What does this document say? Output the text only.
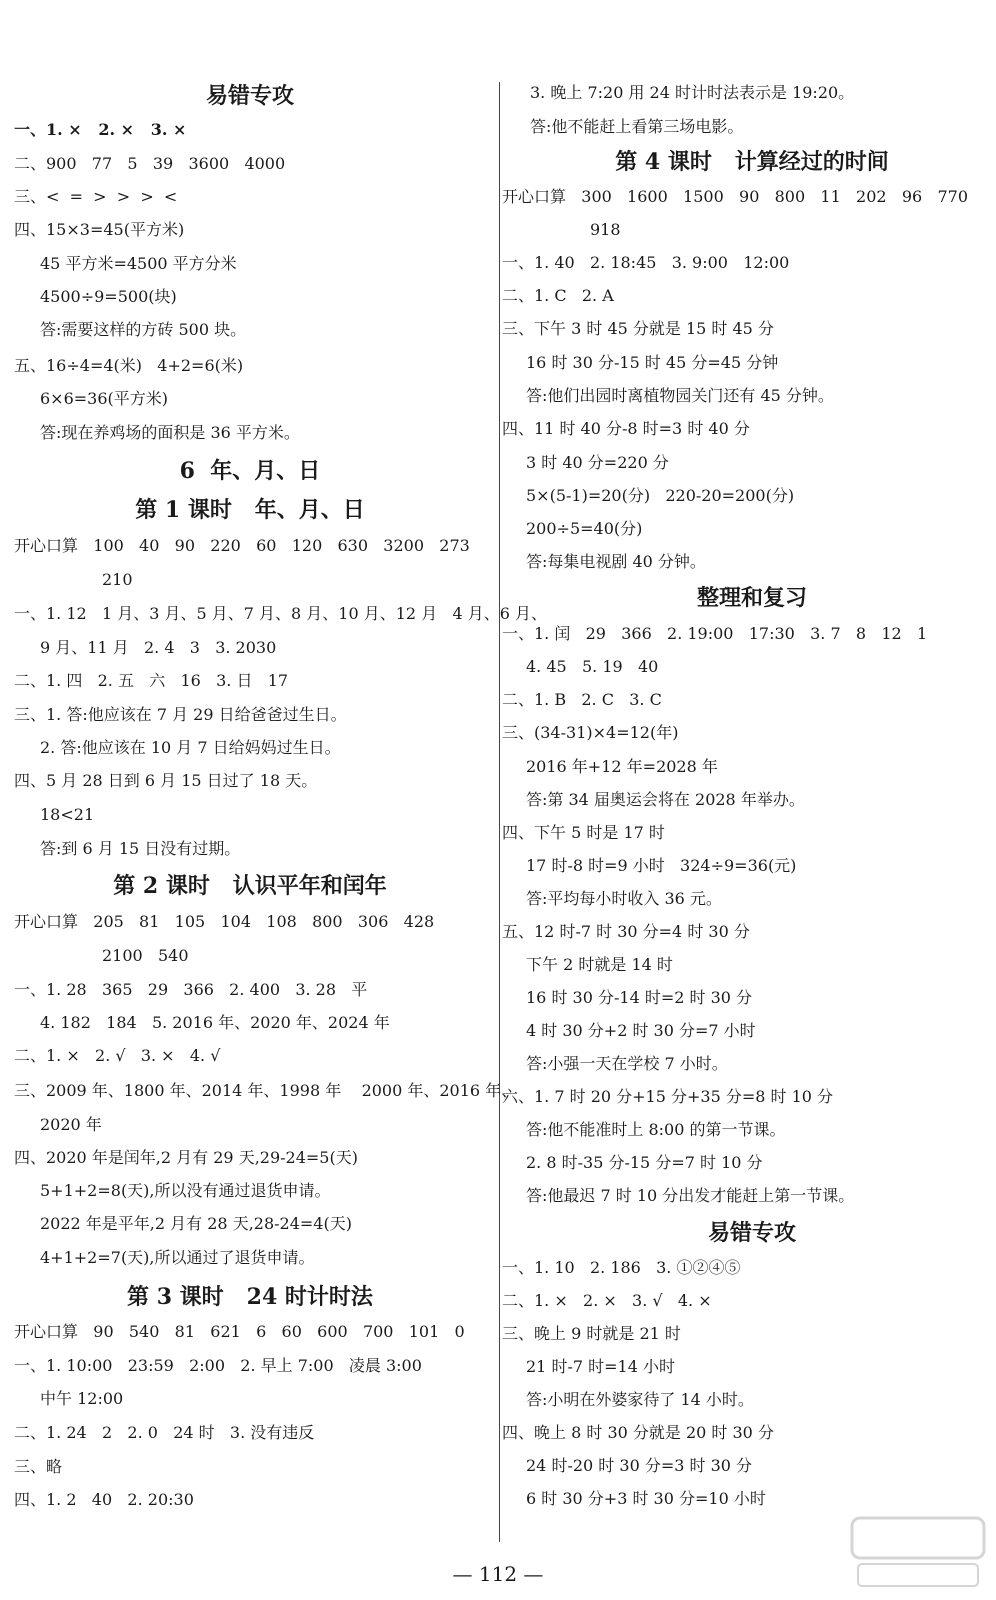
易错专攻
一、1. ×   2. ×   3. ×
二、900   77   5   39   3600   4000
三、<  =  >  >  >  <
四、15×3=45(平方米)
45 平方米=4500 平方分米
4500÷9=500(块)
答:需要这样的方砖 500 块。
五、16÷4=4(米)   4+2=6(米)
6×6=36(平方米)
答:现在养鸡场的面积是 36 平方米。
6  年、月、日
第 1 课时   年、月、日
开心口算   100   40   90   220   60   120   630   3200   273
210
一、1. 12   1 月、3 月、5 月、7 月、8 月、10 月、12 月   4 月、6 月、
9 月、11 月   2. 4   3   3. 2030
二、1. 四   2. 五   六   16   3. 日   17
三、1. 答:他应该在 7 月 29 日给爸爸过生日。
2. 答:他应该在 10 月 7 日给妈妈过生日。
四、5 月 28 日到 6 月 15 日过了 18 天。
18<21
答:到 6 月 15 日没有过期。
第 2 课时   认识平年和闰年
开心口算   205   81   105   104   108   800   306   428
2100   540
一、1. 28   365   29   366   2. 400   3. 28   平
4. 182   184   5. 2016 年、2020 年、2024 年
二、1. ×   2. √   3. ×   4. √
三、2009 年、1800 年、2014 年、1998 年    2000 年、2016 年、
2020 年
四、2020 年是闰年,2 月有 29 天,29-24=5(天)
5+1+2=8(天),所以没有通过退货申请。
2022 年是平年,2 月有 28 天,28-24=4(天)
4+1+2=7(天),所以通过了退货申请。
第 3 课时   24 时计时法
开心口算   90   540   81   621   6   60   600   700   101   0
一、1. 10:00   23:59   2:00   2. 早上 7:00   凌晨 3:00
中午 12:00
二、1. 24   2   2. 0   24 时   3. 没有违反
三、略
四、1. 2   40   2. 20:30
3. 晚上 7:20 用 24 时计时法表示是 19:20。
答:他不能赶上看第三场电影。
第 4 课时   计算经过的时间
开心口算   300   1600   1500   90   800   11   202   96   770
918
一、1. 40   2. 18:45   3. 9:00   12:00
二、1. C   2. A
三、下午 3 时 45 分就是 15 时 45 分
16 时 30 分-15 时 45 分=45 分钟
答:他们出园时离植物园关门还有 45 分钟。
四、11 时 40 分-8 时=3 时 40 分
3 时 40 分=220 分
5×(5-1)=20(分)   220-20=200(分)
200÷5=40(分)
答:每集电视剧 40 分钟。
整理和复习
一、1. 闰   29   366   2. 19:00   17:30   3. 7   8   12   1
4. 45   5. 19   40
二、1. B   2. C   3. C
三、(34-31)×4=12(年)
2016 年+12 年=2028 年
答:第 34 届奥运会将在 2028 年举办。
四、下午 5 时是 17 时
17 时-8 时=9 小时   324÷9=36(元)
答:平均每小时收入 36 元。
五、12 时-7 时 30 分=4 时 30 分
下午 2 时就是 14 时
16 时 30 分-14 时=2 时 30 分
4 时 30 分+2 时 30 分=7 小时
答:小强一天在学校 7 小时。
六、1. 7 时 20 分+15 分+35 分=8 时 10 分
答:他不能准时上 8:00 的第一节课。
2. 8 时-35 分-15 分=7 时 10 分
答:他最迟 7 时 10 分出发才能赶上第一节课。
易错专攻
一、1. 10   2. 186   3. ①②④⑤
二、1. ×   2. ×   3. √   4. ×
三、晚上 9 时就是 21 时
21 时-7 时=14 小时
答:小明在外婆家待了 14 小时。
四、晚上 8 时 30 分就是 20 时 30 分
24 时-20 时 30 分=3 时 30 分
6 时 30 分+3 时 30 分=10 小时
— 112 —
